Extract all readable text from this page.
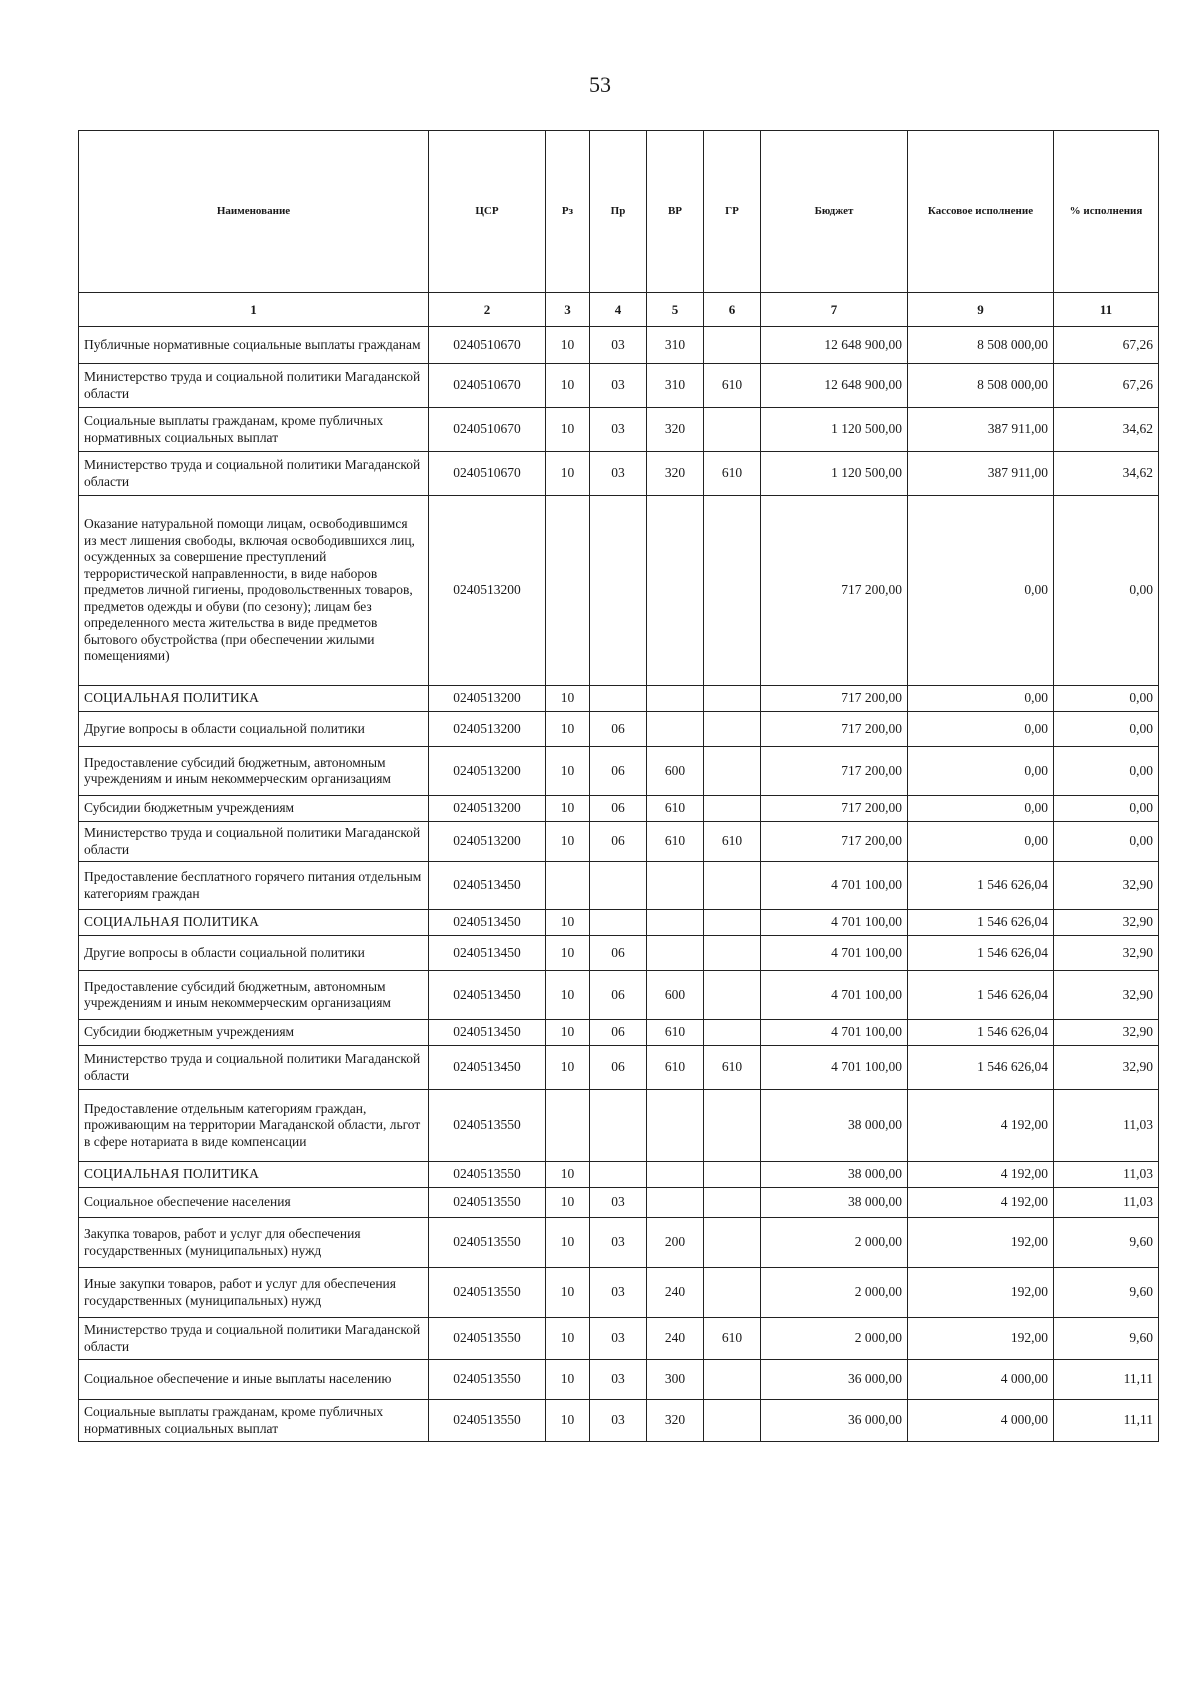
53
Наименование	ЦСР	Рз	Пр	ВР	ГР	Бюджет	Кассовое исполнение	% исполнения
1	2	3	4	5	6	7	9	11
Публичные нормативные социальные выплаты гражданам	0240510670	10	03	310		12 648 900,00	8 508 000,00	67,26
Министерство труда и социальной политики Магаданской области	0240510670	10	03	310	610	12 648 900,00	8 508 000,00	67,26
Социальные выплаты гражданам, кроме публичных нормативных социальных выплат	0240510670	10	03	320		1 120 500,00	387 911,00	34,62
Министерство труда и социальной политики Магаданской области	0240510670	10	03	320	610	1 120 500,00	387 911,00	34,62
Оказание натуральной помощи лицам, освободившимся из мест лишения свободы, включая освободившихся лиц, осужденных за совершение преступлений террористической направленности, в виде наборов предметов личной гигиены, продовольственных товаров, предметов одежды и обуви (по сезону); лицам без определенного места жительства в виде предметов бытового обустройства (при обеспечении жилыми помещениями)	0240513200					717 200,00	0,00	0,00
СОЦИАЛЬНАЯ ПОЛИТИКА	0240513200	10				717 200,00	0,00	0,00
Другие вопросы в области социальной политики	0240513200	10	06			717 200,00	0,00	0,00
Предоставление субсидий бюджетным, автономным учреждениям и иным некоммерческим организациям	0240513200	10	06	600		717 200,00	0,00	0,00
Субсидии бюджетным учреждениям	0240513200	10	06	610		717 200,00	0,00	0,00
Министерство труда и социальной политики Магаданской области	0240513200	10	06	610	610	717 200,00	0,00	0,00
Предоставление бесплатного горячего питания отдельным категориям граждан	0240513450					4 701 100,00	1 546 626,04	32,90
СОЦИАЛЬНАЯ ПОЛИТИКА	0240513450	10				4 701 100,00	1 546 626,04	32,90
Другие вопросы в области социальной политики	0240513450	10	06			4 701 100,00	1 546 626,04	32,90
Предоставление субсидий бюджетным, автономным учреждениям и иным некоммерческим организациям	0240513450	10	06	600		4 701 100,00	1 546 626,04	32,90
Субсидии бюджетным учреждениям	0240513450	10	06	610		4 701 100,00	1 546 626,04	32,90
Министерство труда и социальной политики Магаданской области	0240513450	10	06	610	610	4 701 100,00	1 546 626,04	32,90
Предоставление отдельным категориям граждан, проживающим на территории Магаданской области, льгот в сфере нотариата в виде компенсации	0240513550					38 000,00	4 192,00	11,03
СОЦИАЛЬНАЯ ПОЛИТИКА	0240513550	10				38 000,00	4 192,00	11,03
Социальное обеспечение населения	0240513550	10	03			38 000,00	4 192,00	11,03
Закупка товаров, работ и услуг для обеспечения государственных (муниципальных) нужд	0240513550	10	03	200		2 000,00	192,00	9,60
Иные закупки товаров, работ и услуг для обеспечения государственных (муниципальных) нужд	0240513550	10	03	240		2 000,00	192,00	9,60
Министерство труда и социальной политики Магаданской области	0240513550	10	03	240	610	2 000,00	192,00	9,60
Социальное обеспечение и иные выплаты населению	0240513550	10	03	300		36 000,00	4 000,00	11,11
Социальные выплаты гражданам, кроме публичных нормативных социальных выплат	0240513550	10	03	320		36 000,00	4 000,00	11,11
